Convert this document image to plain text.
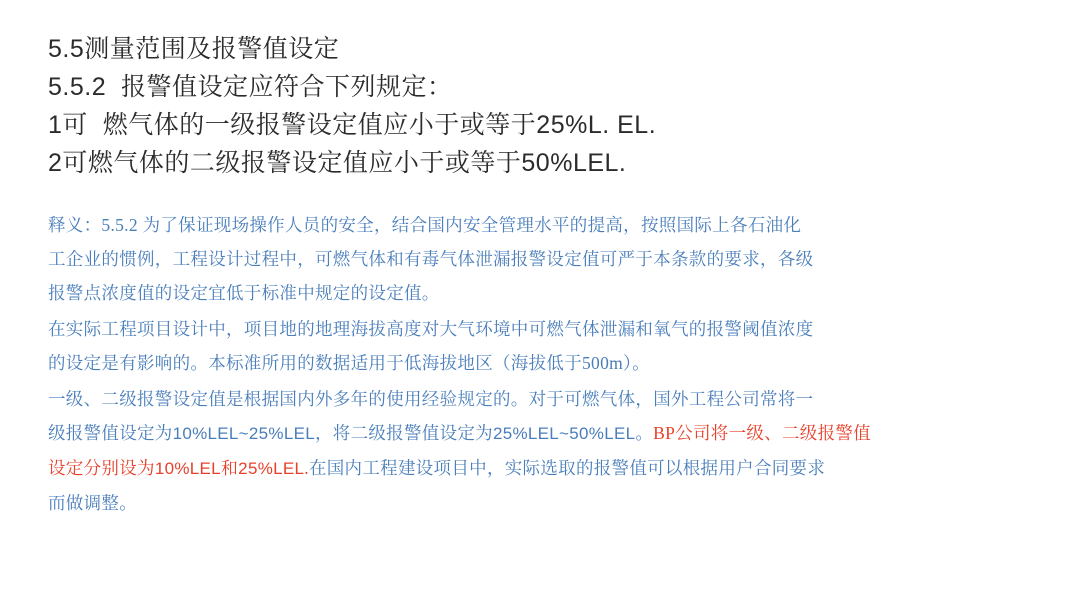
5.5测量范围及报警值设定

5.5.2  报警值设定应符合下列规定：

1可  燃气体的一级报警设定值应小于或等于25%L. EL.

2可燃气体的二级报警设定值应小于或等于50%LEL.

释义：5.5.2 为了保证现场操作人员的安全，结合国内安全管理水平的提高，按照国际上各石油化

工企业的惯例，工程设计过程中，可燃气体和有毒气体泄漏报警设定值可严于本条款的要求，各级

报警点浓度值的设定宜低于标准中规定的设定值。

在实际工程项目设计中，项目地的地理海拔高度对大气环境中可燃气体泄漏和氧气的报警阈值浓度

的设定是有影响的。本标准所用的数据适用于低海拔地区（海拔低于500m）。

一级、二级报警设定值是根据国内外多年的使用经验规定的。对于可燃气体，国外工程公司常将一

级报警值设定为10%LEL~25%LEL，将二级报警值设定为25%LEL~50%LEL。BP公司将一级、二级报警值

设定分别设为10%LEL和25%LEL.在国内工程建设项目中，实际选取的报警值可以根据用户合同要求

而做调整。
